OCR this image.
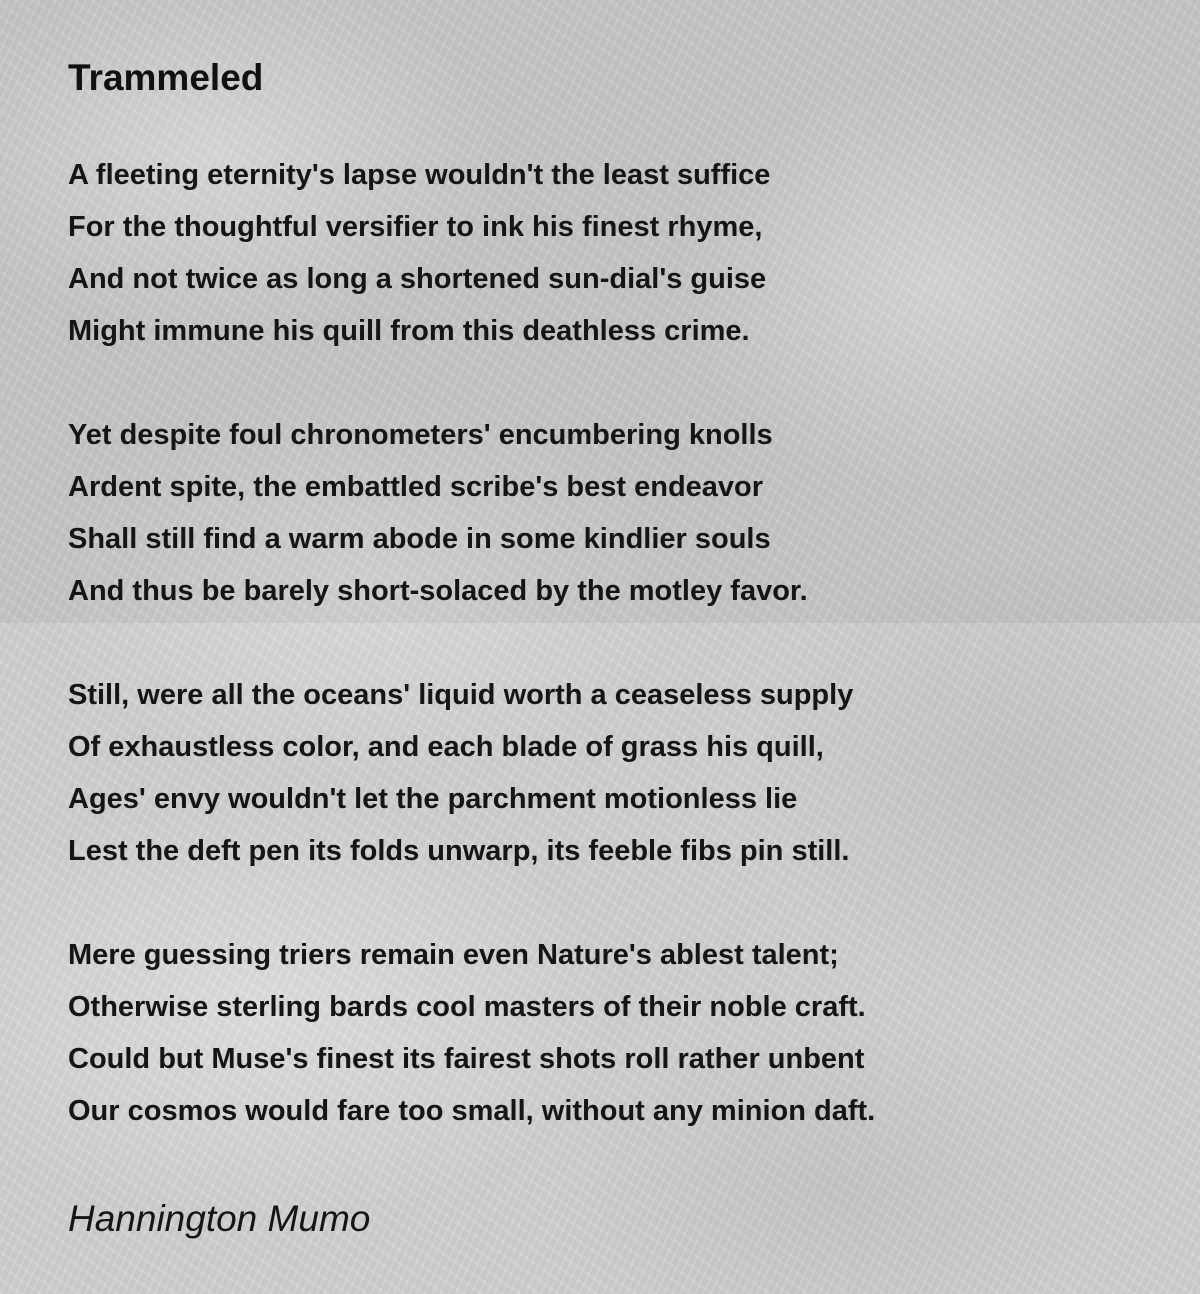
Trammeled
A fleeting eternity's lapse wouldn't the least suffice
For the thoughtful versifier to ink his finest rhyme,
And not twice as long a shortened sun-dial's guise
Might immune his quill from this deathless crime.
Yet despite foul chronometers' encumbering knolls
Ardent spite, the embattled scribe's best endeavor
Shall still find a warm abode in some kindlier souls
And thus be barely short-solaced by the motley favor.
Still, were all the oceans' liquid worth a ceaseless supply
Of exhaustless color, and each blade of grass his quill,
Ages' envy wouldn't let the parchment motionless lie
Lest the deft pen its folds unwarp, its feeble fibs pin still.
Mere guessing triers remain even Nature's ablest talent;
Otherwise sterling bards cool masters of their noble craft.
Could but Muse's finest its fairest shots roll rather unbent
Our cosmos would fare too small, without any minion daft.
Hannington Mumo
